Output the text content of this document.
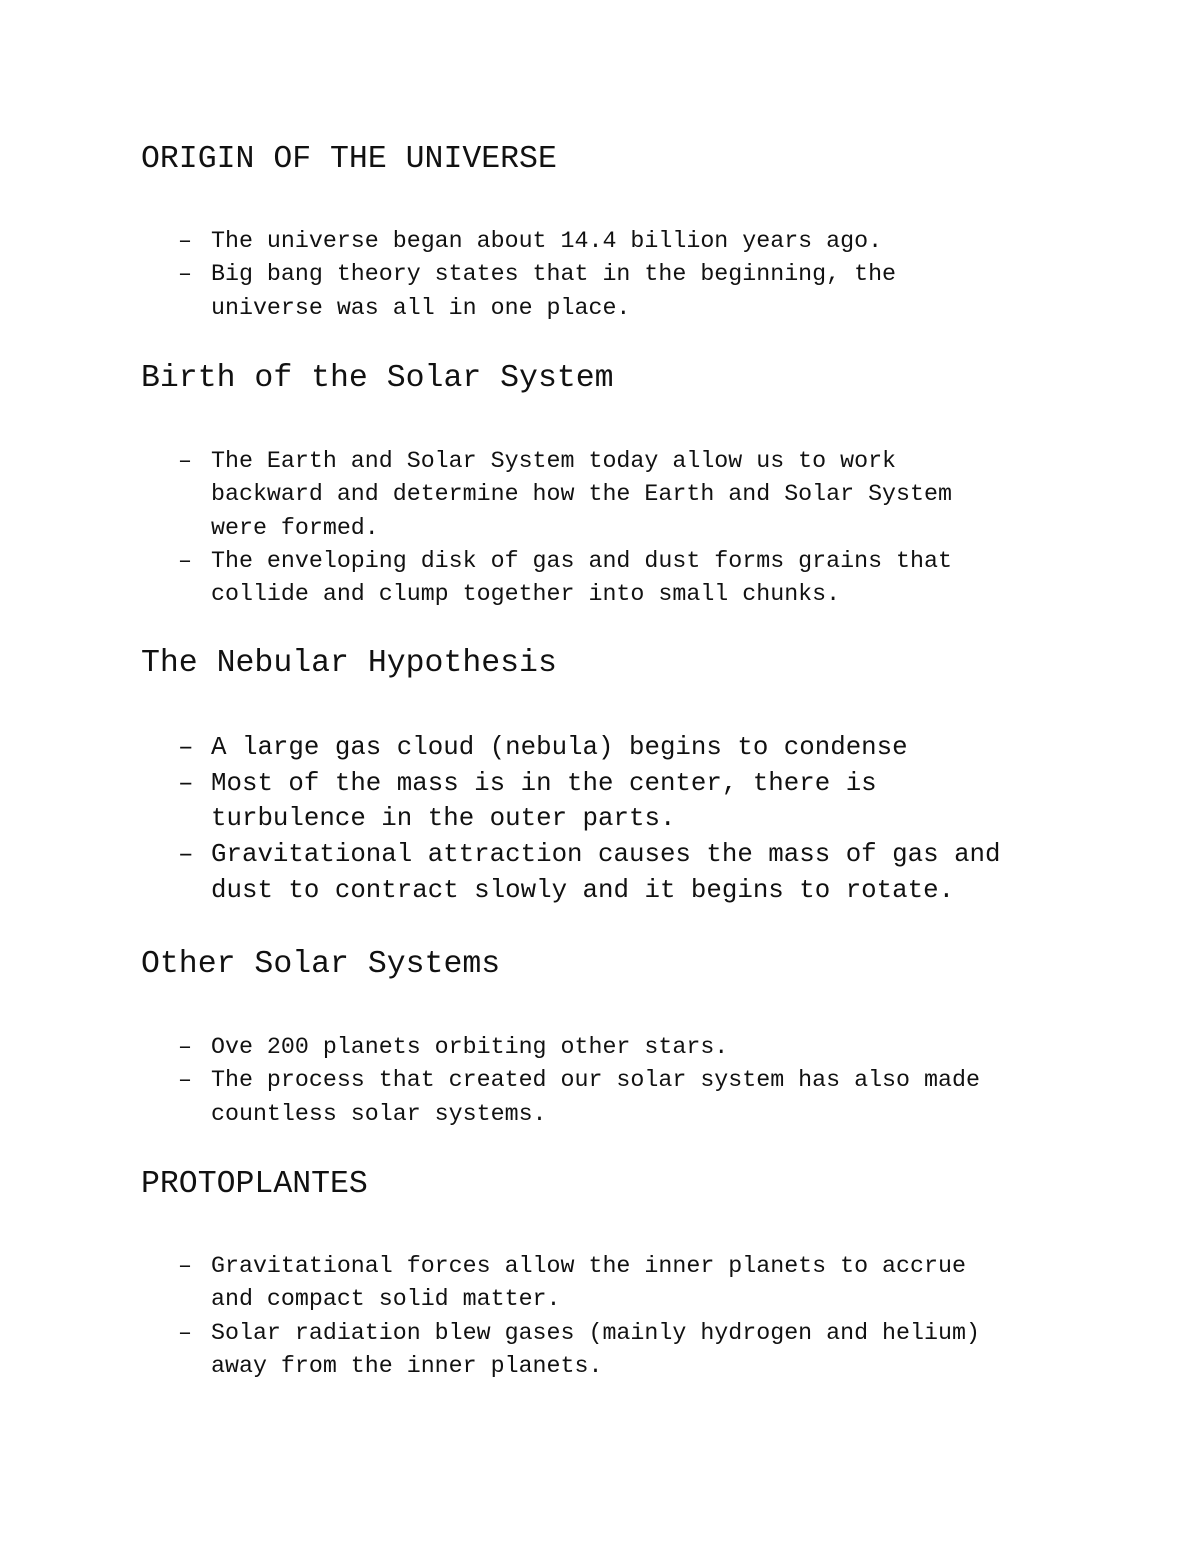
ORIGIN OF THE UNIVERSE
– The universe began about 14.4 billion years ago.
– Big bang theory states that in the beginning, the
universe was all in one place.
Birth of the Solar System
– The Earth and Solar System today allow us to work
backward and determine how the Earth and Solar System
were formed.
– The enveloping disk of gas and dust forms grains that
collide and clump together into small chunks.
The Nebular Hypothesis
– A large gas cloud (nebula) begins to condense
– Most of the mass is in the center, there is
turbulence in the outer parts.
– Gravitational attraction causes the mass of gas and
dust to contract slowly and it begins to rotate.
Other Solar Systems
– Ove 200 planets orbiting other stars.
– The process that created our solar system has also made
countless solar systems.
PROTOPLANTES
– Gravitational forces allow the inner planets to accrue
and compact solid matter.
– Solar radiation blew gases (mainly hydrogen and helium)
away from the inner planets.
